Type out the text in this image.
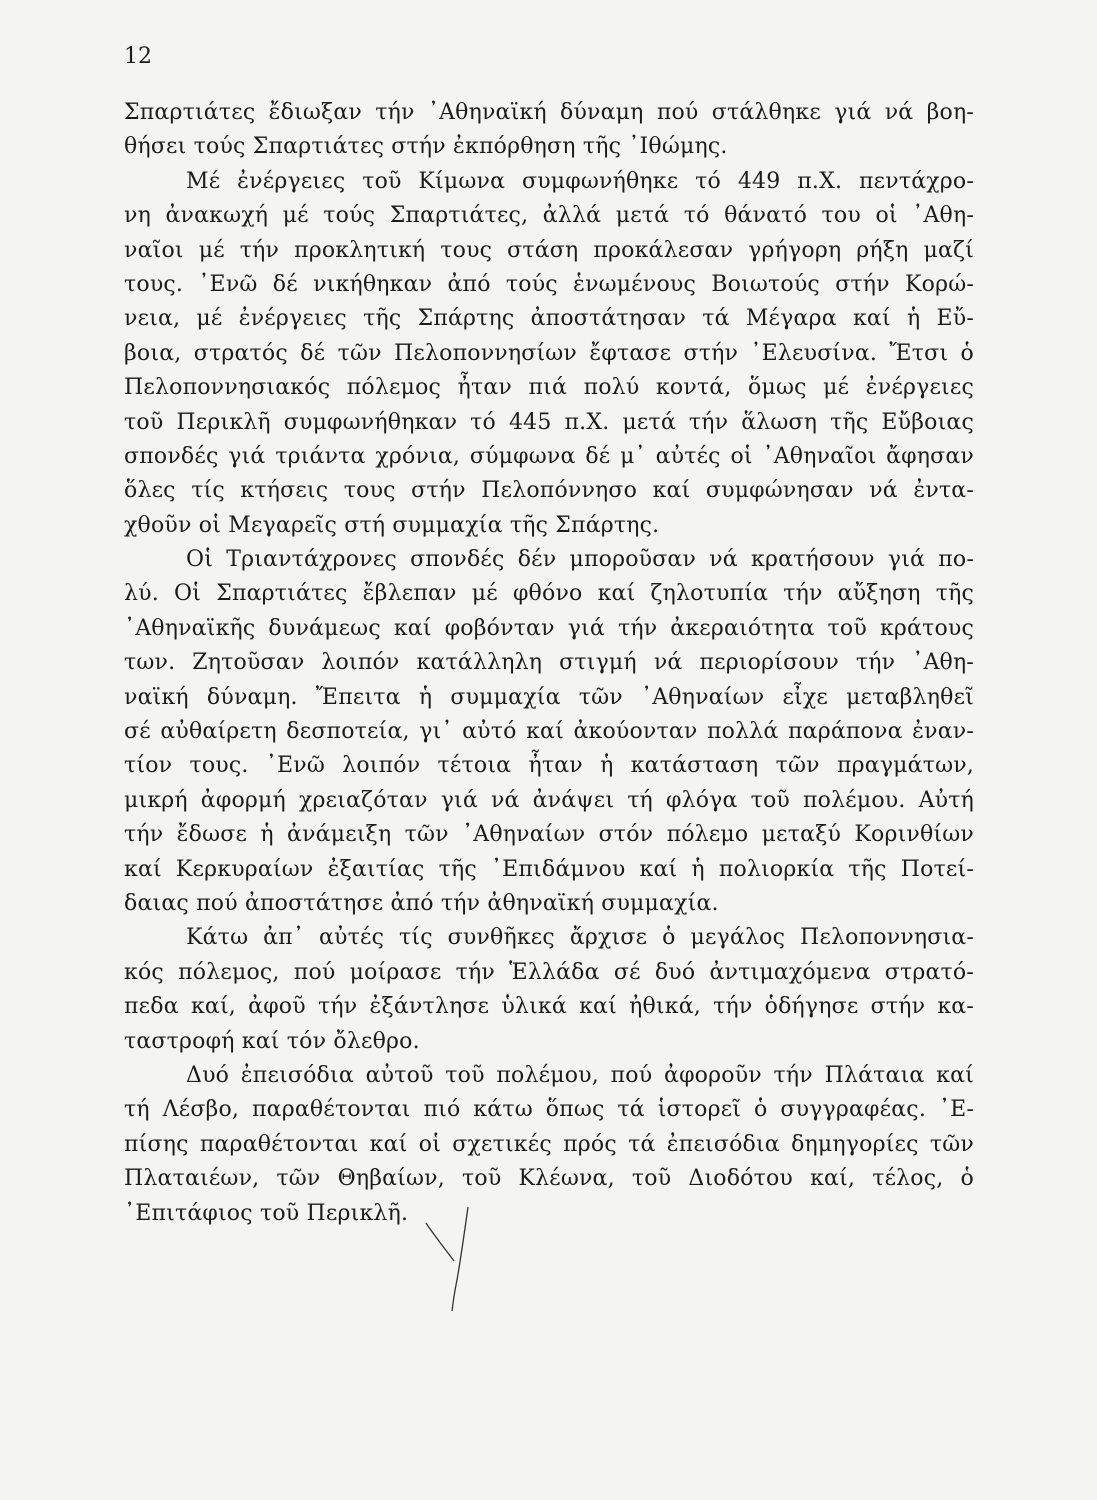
12
Σπαρτιάτες ἔδιωξαν τήν ᾿Αθηναϊκή δύναμη πού στάλθηκε γιά νά βοη-
θήσει τούς Σπαρτιάτες στήν ἐκπόρθηση τῆς ᾿Ιθώμης.
Μέ ἐνέργειες τοῦ Κίμωνα συμφωνήθηκε τό 449 π.Χ. πεντάχρο-
νη ἀνακωχή μέ τούς Σπαρτιάτες, ἀλλά μετά τό θάνατό του οἱ ᾿Αθη-
ναῖοι μέ τήν προκλητική τους στάση προκάλεσαν γρήγορη ρήξη μαζί
τους. ᾿Ενῶ δέ νικήθηκαν ἀπό τούς ἑνωμένους Βοιωτούς στήν Κορώ-
νεια, μέ ἐνέργειες τῆς Σπάρτης ἀποστάτησαν τά Μέγαρα καί ἡ Εὔ-
βοια, στρατός δέ τῶν Πελοποννησίων ἔφτασε στήν ᾿Ελευσίνα. Ἔτσι ὁ
Πελοποννησιακός πόλεμος ἦταν πιά πολύ κοντά, ὅμως μέ ἐνέργειες
τοῦ Περικλῆ συμφωνήθηκαν τό 445 π.Χ. μετά τήν ἅλωση τῆς Εὔβοιας
σπονδές γιά τριάντα χρόνια, σύμφωνα δέ μ᾿ αὐτές οἱ ᾿Αθηναῖοι ἄφησαν
ὅλες τίς κτήσεις τους στήν Πελοπόννησο καί συμφώνησαν νά ἐντα-
χθοῦν οἱ Μεγαρεῖς στή συμμαχία τῆς Σπάρτης.
Οἱ Τριαντάχρονες σπονδές δέν μποροῦσαν νά κρατήσουν γιά πο-
λύ. Οἱ Σπαρτιάτες ἔβλεπαν μέ φθόνο καί ζηλοτυπία τήν αὔξηση τῆς
᾿Αθηναϊκῆς δυνάμεως καί φοβόνταν γιά τήν ἀκεραιότητα τοῦ κράτους
των. Ζητοῦσαν λοιπόν κατάλληλη στιγμή νά περιορίσουν τήν ᾿Αθη-
ναϊκή δύναμη. Ἔπειτα ἡ συμμαχία τῶν ᾿Αθηναίων εἶχε μεταβληθεῖ
σέ αὐθαίρετη δεσποτεία, γι᾿ αὐτό καί ἀκούονταν πολλά παράπονα ἐναν-
τίον τους. ᾿Ενῶ λοιπόν τέτοια ἦταν ἡ κατάσταση τῶν πραγμάτων,
μικρή ἀφορμή χρειαζόταν γιά νά ἀνάψει τή φλόγα τοῦ πολέμου. Αὐτή
τήν ἔδωσε ἡ ἀνάμειξη τῶν ᾿Αθηναίων στόν πόλεμο μεταξύ Κορινθίων
καί Κερκυραίων ἐξαιτίας τῆς ᾿Επιδάμνου καί ἡ πολιορκία τῆς Ποτεί-
δαιας πού ἀποστάτησε ἀπό τήν ἀθηναϊκή συμμαχία.
Κάτω ἀπ᾿ αὐτές τίς συνθῆκες ἄρχισε ὁ μεγάλος Πελοποννησια-
κός πόλεμος, πού μοίρασε τήν Ἑλλάδα σέ δυό ἀντιμαχόμενα στρατό-
πεδα καί, ἀφοῦ τήν ἐξάντλησε ὑλικά καί ἠθικά, τήν ὁδήγησε στήν κα-
ταστροφή καί τόν ὄλεθρο.
Δυό ἐπεισόδια αὐτοῦ τοῦ πολέμου, πού ἀφοροῦν τήν Πλάταια καί
τή Λέσβο, παραθέτονται πιό κάτω ὅπως τά ἱστορεῖ ὁ συγγραφέας. ᾿Ε-
πίσης παραθέτονται καί οἱ σχετικές πρός τά ἐπεισόδια δημηγορίες τῶν
Πλαταιέων, τῶν Θηβαίων, τοῦ Κλέωνα, τοῦ Διοδότου καί, τέλος, ὁ
᾿Επιτάφιος τοῦ Περικλῆ.
